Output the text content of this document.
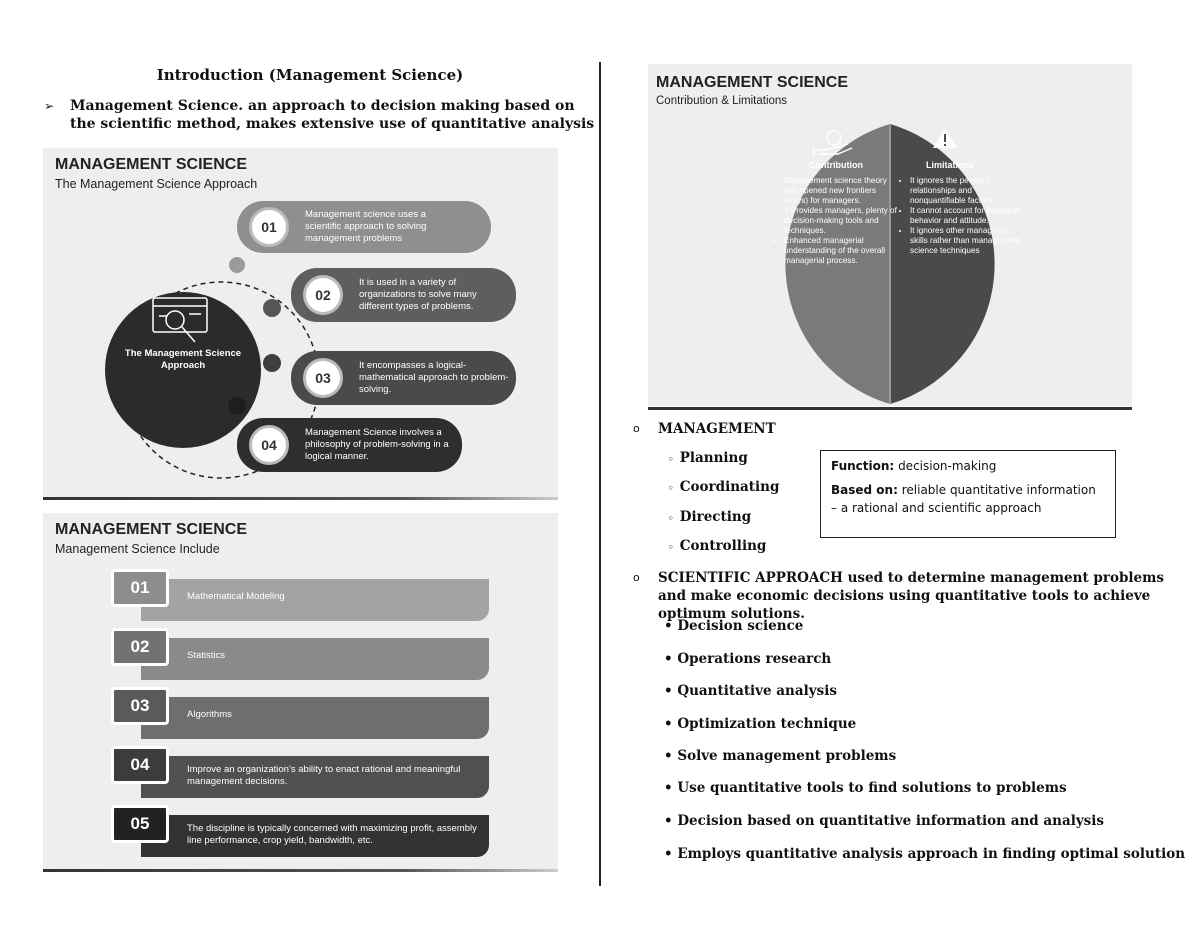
Introduction (Management Science)
➢	Management Science. an approach to decision making based on the scientific method, makes extensive use of quantitative analysis
MANAGEMENT SCIENCE
The Management Science Approach
The Management Science Approach
01
Management science uses a scientific approach to solving management problems
02
It is used in a variety of organizations to solve many different types of problems.
03
It encompasses a logical-mathematical approach to problem-solving.
04
Management Science involves a philosophy of problem-solving in a logical manner.
MANAGEMENT SCIENCE
Management Science Include
01	Mathematical Modeling
02	Statistics
03	Algorithms
04	Improve an organization’s ability to enact rational and meaningful management decisions.
05	The discipline is typically concerned with maximizing profit, assembly line performance, crop yield, bandwidth, etc.
MANAGEMENT SCIENCE
Contribution & Limitations
Contribution	Limitations
• Management science theory has opened new frontiers (ways) for managers.
• It Provides managers, plenty of decision-making tools and techniques.
• Enhanced managerial understanding of the overall managerial process.
• It ignores the people's relationships and nonquantifiable factors.
• It cannot account for individual behavior and attitude.
• It ignores other managerial skills rather than management science techniques
o	MANAGEMENT
◦ Planning
◦ Coordinating
◦ Directing
◦ Controlling
Function: decision-making
Based on: reliable quantitative information – a rational and scientific approach
o	SCIENTIFIC APPROACH used to determine management problems and make economic decisions using quantitative tools to achieve optimum solutions.
• Decision science
• Operations research
• Quantitative analysis
• Optimization technique
• Solve management problems
• Use quantitative tools to find solutions to problems
• Decision based on quantitative information and analysis
• Employs quantitative analysis approach in finding optimal solution
